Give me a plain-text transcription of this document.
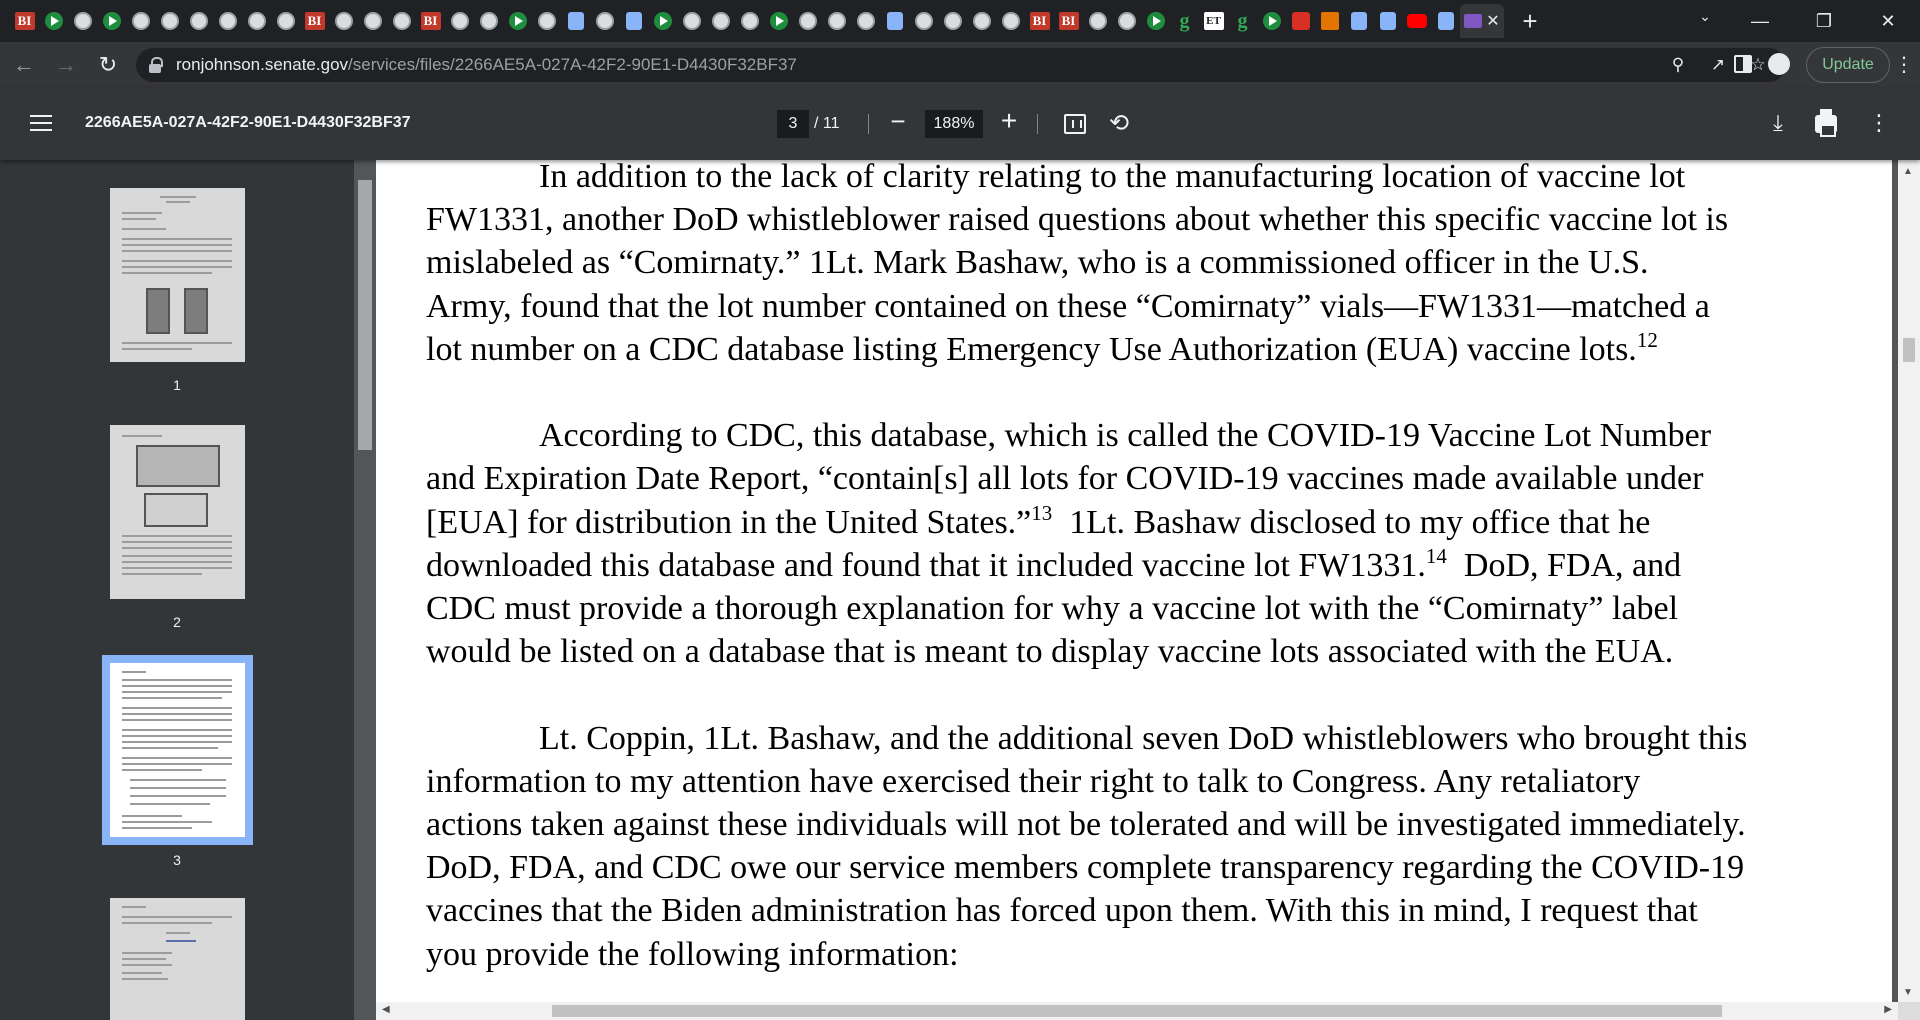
BI	BI	BI	BI BI	g	ET g	✕ +	⌄	—	❐	✕
← → ↻	ronjohnson.senate.gov/services/files/2266AE5A-027A-42F2-90E1-D4430F32BF37	⚲	↗	☆	Update	⋮
2266AE5A-027A-42F2-90E1-D4430F32BF37	3	/ 11 −	188% +	⟲	⤓	⋮
1
2
3
In addition to the lack of clarity relating to the manufacturing location of vaccine lot
FW1331, another DoD whistleblower raised questions about whether this specific vaccine lot is
mislabeled as “Comirnaty.” 1Lt. Mark Bashaw, who is a commissioned officer in the U.S.
Army, found that the lot number contained on these “Comirnaty” vials—FW1331—matched a
lot number on a CDC database listing Emergency Use Authorization (EUA) vaccine lots.$^{12}$
According to CDC, this database, which is called the COVID-19 Vaccine Lot Number
and Expiration Date Report, “contain[s] all lots for COVID-19 vaccines made available under
[EUA] for distribution in the United States.”$^{13}$  1Lt. Bashaw disclosed to my office that he
downloaded this database and found that it included vaccine lot FW1331.14  DoD, FDA, and
CDC must provide a thorough explanation for why a vaccine lot with the “Comirnaty” label
would be listed on a database that is meant to display vaccine lots associated with the EUA.
Lt. Coppin, 1Lt. Bashaw, and the additional seven DoD whistleblowers who brought this
information to my attention have exercised their right to talk to Congress. Any retaliatory
actions taken against these individuals will not be tolerated and will be investigated immediately.
DoD, FDA, and CDC owe our service members complete transparency regarding the COVID-19
vaccines that the Biden administration has forced upon them. With this in mind, I request that
you provide the following information:
▲
▼
◀	▶
